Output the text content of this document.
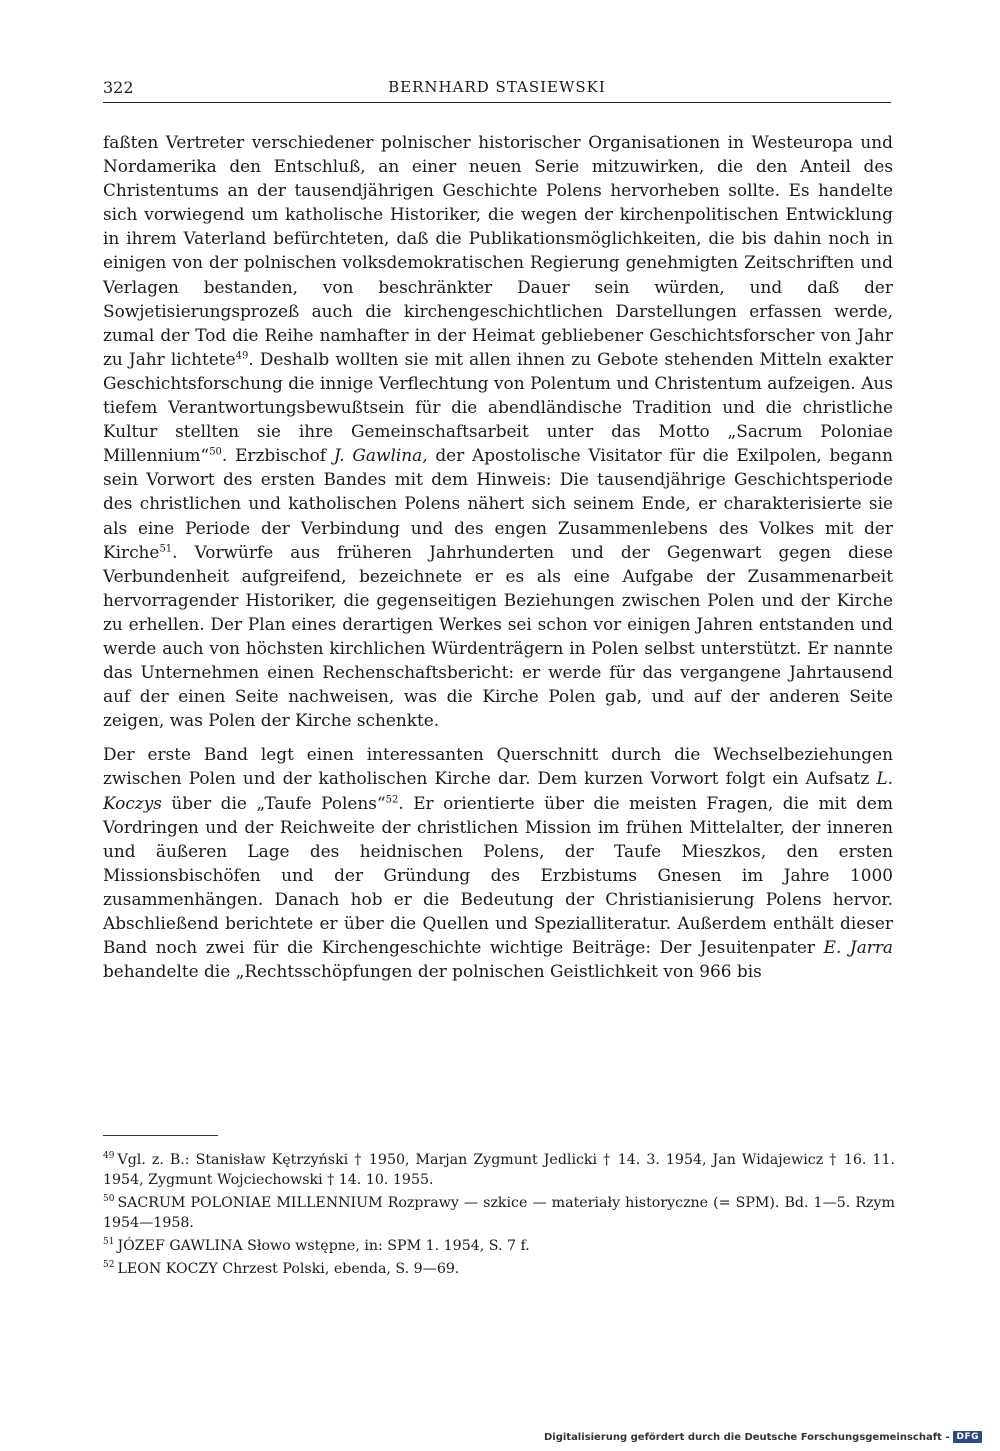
322	BERNHARD STASIEWSKI

faßten Vertreter verschiedener polnischer historischer Organisationen in Westeuropa und Nordamerika den Entschluß, an einer neuen Serie mitzuwirken, die den Anteil des Christentums an der tausendjährigen Geschichte Polens hervorheben sollte. Es handelte sich vorwiegend um katholische Historiker, die wegen der kirchenpolitischen Entwicklung in ihrem Vaterland befürchteten, daß die Publikationsmöglichkeiten, die bis dahin noch in einigen von der polnischen volksdemokratischen Regierung genehmigten Zeitschriften und Verlagen bestanden, von beschränkter Dauer sein würden, und daß der Sowjetisierungsprozeß auch die kirchengeschichtlichen Darstellungen erfassen werde, zumal der Tod die Reihe namhafter in der Heimat gebliebener Geschichtsforscher von Jahr zu Jahr lichtete$^{49}$. Deshalb wollten sie mit allen ihnen zu Gebote stehenden Mitteln exakter Geschichtsforschung die innige Verflechtung von Polentum und Christentum aufzeigen. Aus tiefem Verantwortungsbewußtsein für die abendländische Tradition und die christliche Kultur stellten sie ihre Gemeinschaftsarbeit unter das Motto „Sacrum Poloniae Millennium“$^{50}$. Erzbischof J. Gawlina, der Apostolische Visitator für die Exilpolen, begann sein Vorwort des ersten Bandes mit dem Hinweis: Die tausendjährige Geschichtsperiode des christlichen und katholischen Polens nähert sich seinem Ende, er charakterisierte sie als eine Periode der Verbindung und des engen Zusammenlebens des Volkes mit der Kirche$^{51}$. Vorwürfe aus früheren Jahrhunderten und der Gegenwart gegen diese Verbundenheit aufgreifend, bezeichnete er es als eine Aufgabe der Zusammenarbeit hervorragender Historiker, die gegenseitigen Beziehungen zwischen Polen und der Kirche zu erhellen. Der Plan eines derartigen Werkes sei schon vor einigen Jahren entstanden und werde auch von höchsten kirchlichen Würdenträgern in Polen selbst unterstützt. Er nannte das Unternehmen einen Rechenschaftsbericht: er werde für das vergangene Jahrtausend auf der einen Seite nachweisen, was die Kirche Polen gab, und auf der anderen Seite zeigen, was Polen der Kirche schenkte.

Der erste Band legt einen interessanten Querschnitt durch die Wechselbeziehungen zwischen Polen und der katholischen Kirche dar. Dem kurzen Vorwort folgt ein Aufsatz L. Koczys über die „Taufe Polens“$^{52}$. Er orientierte über die meisten Fragen, die mit dem Vordringen und der Reichweite der christlichen Mission im frühen Mittelalter, der inneren und äußeren Lage des heidnischen Polens, der Taufe Mieszkos, den ersten Missionsbischöfen und der Gründung des Erzbistums Gnesen im Jahre 1000 zusammenhängen. Danach hob er die Bedeutung der Christianisierung Polens hervor. Abschließend berichtete er über die Quellen und Spezialliteratur. Außerdem enthält dieser Band noch zwei für die Kirchengeschichte wichtige Beiträge: Der Jesuitenpater E. Jarra behandelte die „Rechtsschöpfungen der polnischen Geistlichkeit von 966 bis

$^{49}$ Vgl. z. B.: Stanisław Kętrzyński † 1950, Marjan Zygmunt Jedlicki † 14. 3. 1954, Jan Widajewicz † 16. 11. 1954, Zygmunt Wojciechowski † 14. 10. 1955.

$^{50}$ SACRUM POLONIAE MILLENNIUM Rozprawy — szkice — materiały historyczne (= SPM). Bd. 1—5. Rzym 1954—1958.

$^{51}$ JÓZEF GAWLINA Słowo wstępne, in: SPM 1. 1954, S. 7 f.

$^{52}$ LEON KOCZY Chrzest Polski, ebenda, S. 9—69.

Digitalisierung gefördert durch die Deutsche Forschungsgemeinschaft - DFG
